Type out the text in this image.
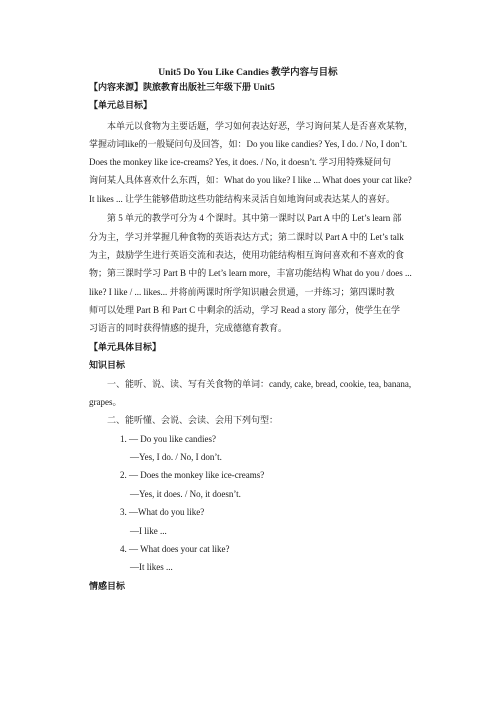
Unit5 Do You Like Candies 教学内容与目标
【内容来源】陕旅教育出版社三年级下册 Unit5
【单元总目标】
本单元以食物为主要话题，学习如何表达好恶，学习询问某人是否喜欢某物，
掌握动词like的一般疑问句及回答，如：Do you like candies? Yes, I do. / No, I don’t.
Does the monkey like ice-creams? Yes, it does. / No, it doesn’t. 学习用特殊疑问句
询问某人具体喜欢什么东西，如：What do you like? I like ... What does your cat like?
It likes ... 让学生能够借助这些功能结构来灵活自如地询问或表达某人的喜好。
第 5 单元的教学可分为 4 个课时。其中第一课时以 Part A 中的 Let’s learn 部
分为主，学习并掌握几种食物的英语表达方式；第二课时以 Part A 中的 Let’s talk
为主，鼓励学生进行英语交流和表达，使用功能结构相互询问喜欢和不喜欢的食
物；第三课时学习 Part B 中的 Let’s learn more，丰富功能结构 What do you / does ...
like? I like / ... likes... 并将前两课时所学知识融会贯通，一并练习；第四课时教
师可以处理 Part B 和 Part C 中剩余的活动，学习 Read a story 部分，使学生在学
习语言的同时获得情感的提升，完成德德育教育。
【单元具体目标】
知识目标
一、能听、说、读、写有关食物的单词：candy, cake, bread, cookie, tea, banana,
grapes。
二、能听懂、会说、会读、会用下列句型：
1. — Do you like candies?
—Yes, I do. / No, I don’t.
2. — Does the monkey like ice-creams?
—Yes, it does. / No, it doesn’t.
3. —What do you like?
—I like ...
4. — What does your cat like?
—It likes ...
情感目标
